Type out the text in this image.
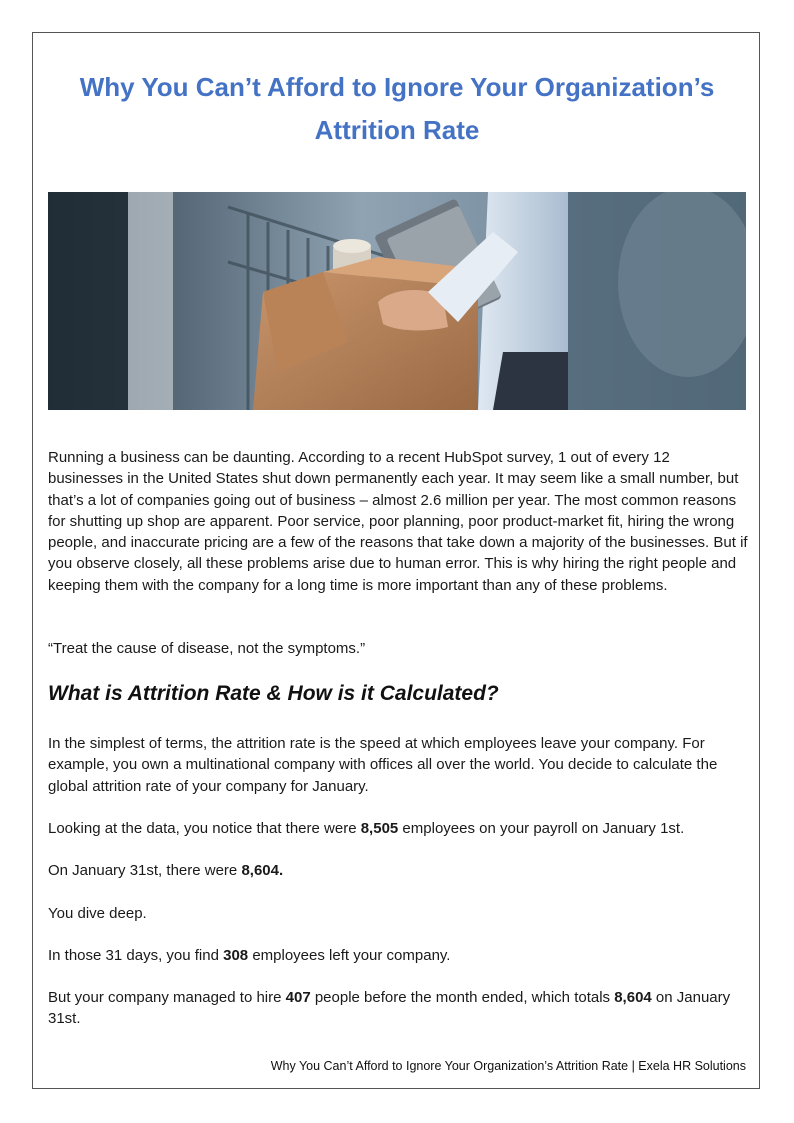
Why You Can’t Afford to Ignore Your Organization’s Attrition Rate

Running a business can be daunting. According to a recent HubSpot survey, 1 out of every 12 businesses in the United States shut down permanently each year. It may seem like a small number, but that’s a lot of companies going out of business – almost 2.6 million per year. The most common reasons for shutting up shop are apparent. Poor service, poor planning, poor product-market fit, hiring the wrong people, and inaccurate pricing are a few of the reasons that take down a majority of the businesses. But if you observe closely, all these problems arise due to human error. This is why hiring the right people and keeping them with the company for a long time is more important than any of these problems.

“Treat the cause of disease, not the symptoms.”

What is Attrition Rate & How is it Calculated?

In the simplest of terms, the attrition rate is the speed at which employees leave your company. For example, you own a multinational company with offices all over the world. You decide to calculate the global attrition rate of your company for January.

Looking at the data, you notice that there were 8,505 employees on your payroll on January 1st.

On January 31st, there were 8,604.

You dive deep.

In those 31 days, you find 308 employees left your company.

But your company managed to hire 407 people before the month ended, which totals 8,604 on January 31st.

Why You Can’t Afford to Ignore Your Organization’s Attrition Rate | Exela HR Solutions
